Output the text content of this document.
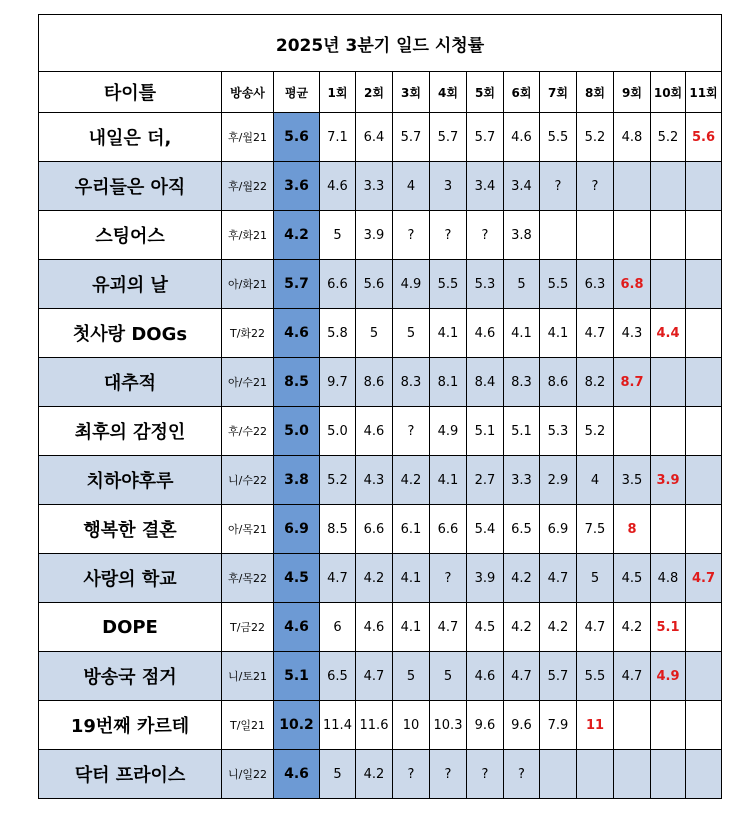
2025년 3분기 일드 시청률													
타이틀	방송사	평균	1회	2회	3회	4회	5회	6회	7회	8회	9회	10회	11회
내일은 더,	후/월21	5.6	7.1	6.4	5.7	5.7	5.7	4.6	5.5	5.2	4.8	5.2	5.6
우리들은 아직	후/월22	3.6	4.6	3.3	4	3	3.4	3.4	?	?			
스팅어스	후/화21	4.2	5	3.9	?	?	?	3.8					
유괴의 날	아/화21	5.7	6.6	5.6	4.9	5.5	5.3	5	5.5	6.3	6.8		
첫사랑 DOGs	T/화22	4.6	5.8	5	5	4.1	4.6	4.1	4.1	4.7	4.3	4.4	
대추적	아/수21	8.5	9.7	8.6	8.3	8.1	8.4	8.3	8.6	8.2	8.7		
최후의 감정인	후/수22	5.0	5.0	4.6	?	4.9	5.1	5.1	5.3	5.2			
치하야후루	니/수22	3.8	5.2	4.3	4.2	4.1	2.7	3.3	2.9	4	3.5	3.9	
행복한 결혼	아/목21	6.9	8.5	6.6	6.1	6.6	5.4	6.5	6.9	7.5	8		
사랑의 학교	후/목22	4.5	4.7	4.2	4.1	?	3.9	4.2	4.7	5	4.5	4.8	4.7
DOPE	T/금22	4.6	6	4.6	4.1	4.7	4.5	4.2	4.2	4.7	4.2	5.1	
방송국 점거	니/토21	5.1	6.5	4.7	5	5	4.6	4.7	5.7	5.5	4.7	4.9	
19번째 카르테	T/일21	10.2	11.4	11.6	10	10.3	9.6	9.6	7.9	11			
닥터 프라이스	니/일22	4.6	5	4.2	?	?	?	?					
